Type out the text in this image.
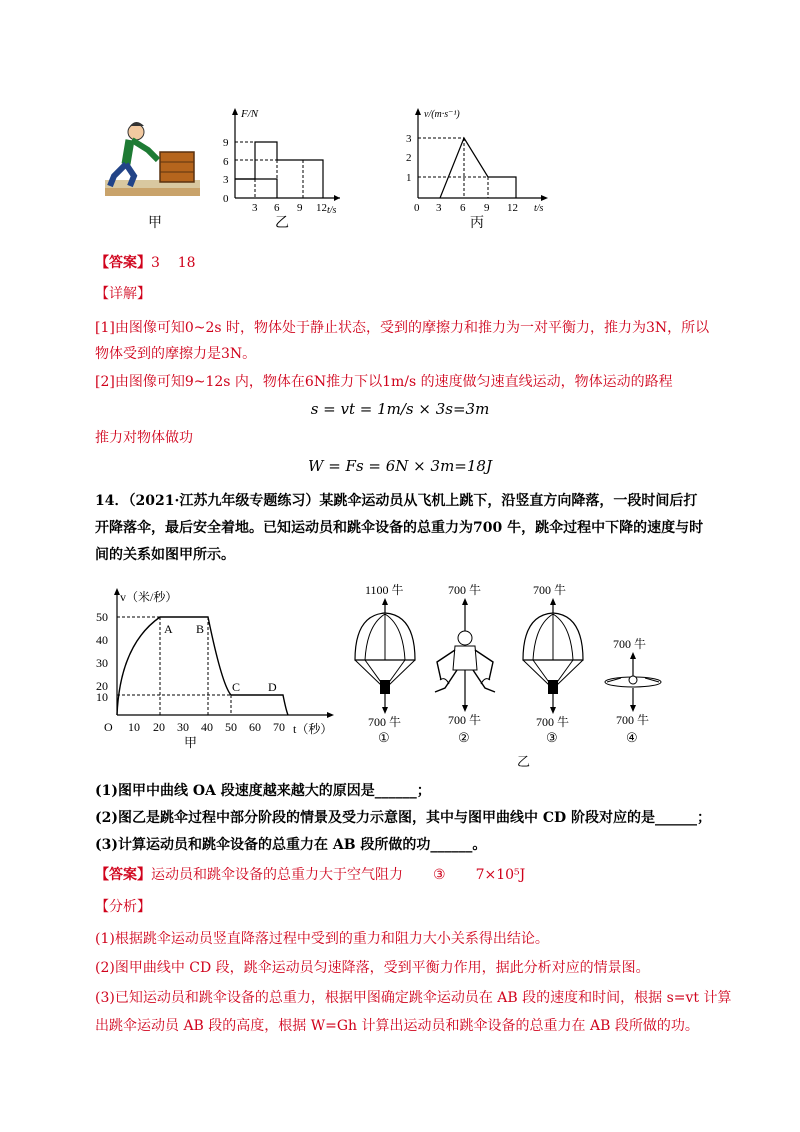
甲
F/N
t/s
9
6
3
0
3 6 9 12
乙
v/(m·s⁻¹)
t/s
3
2
1
0 3 6 9 12
丙
【答案】3    18
【详解】
[1]由图像可知0~2s 时，物体处于静止状态，受到的摩擦力和推力为一对平衡力，推力为3N，所以
物体受到的摩擦力是3N。
[2]由图像可知9~12s 内，物体在6N推力下以1m/s 的速度做匀速直线运动，物体运动的路程
s = vt = 1m/s × 3s=3m
推力对物体做功
W = Fs = 6N × 3m=18J
14．（2021·江苏九年级专题练习）某跳伞运动员从飞机上跳下，沿竖直方向降落，一段时间后打
开降落伞，最后安全着地。已知运动员和跳伞设备的总重力为700 牛，跳伞过程中下降的速度与时
间的关系如图甲所示。
v（米/秒）
t（秒）
50
40
30
20
10
O 10 20 30 40 50 60 70
A B
C D
甲
1100 牛
700 牛
①
700 牛
700 牛
②
700 牛
700 牛
③
700 牛
700 牛
④
乙
(1)图甲中曲线 OA 段速度越来越大的原因是______；
(2)图乙是跳伞过程中部分阶段的情景及受力示意图，其中与图甲曲线中 CD 阶段对应的是______；
(3)计算运动员和跳伞设备的总重力在 AB 段所做的功______。
【答案】运动员和跳伞设备的总重力大于空气阻力 ③ 7×10⁵J
【分析】
(1)根据跳伞运动员竖直降落过程中受到的重力和阻力大小关系得出结论。
(2)图甲曲线中 CD 段，跳伞运动员匀速降落，受到平衡力作用，据此分析对应的情景图。
(3)已知运动员和跳伞设备的总重力，根据甲图确定跳伞运动员在 AB 段的速度和时间，根据 s=vt 计算
出跳伞运动员 AB 段的高度，根据 W=Gh 计算出运动员和跳伞设备的总重力在 AB 段所做的功。
